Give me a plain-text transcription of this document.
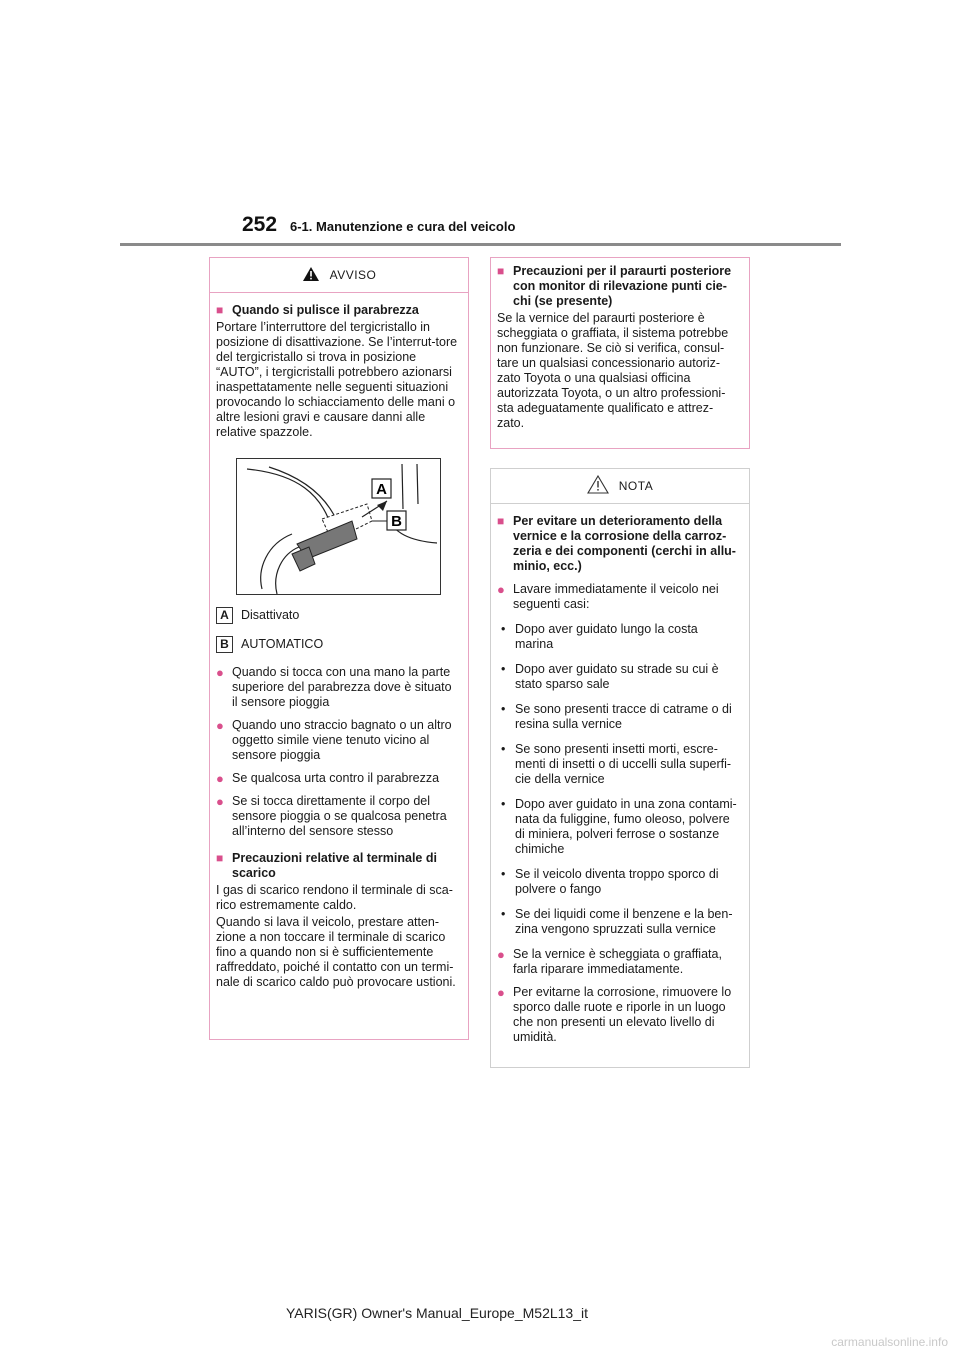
252 6-1. Manutenzione e cura del veicolo
AVVISO
■ Quando si pulisce il parabrezza
Portare l’interruttore del tergicristallo in posizione di disattivazione. Se l’interrut-tore del tergicristallo si trova in posizione “AUTO”, i tergicristalli potrebbero azionarsi inaspettatamente nelle seguenti situazioni provocando lo schiacciamento delle mani o altre lesioni gravi e causare danni alle relative spazzole.
A
B
A Disattivato
B AUTOMATICO
● Quando si tocca con una mano la parte superiore del parabrezza dove è situato il sensore pioggia
● Quando uno straccio bagnato o un altro oggetto simile viene tenuto vicino al sensore pioggia
● Se qualcosa urta contro il parabrezza
● Se si tocca direttamente il corpo del sensore pioggia o se qualcosa penetra all’interno del sensore stesso
■ Precauzioni relative al terminale di scarico
I gas di scarico rendono il terminale di sca-rico estremamente caldo.
Quando si lava il veicolo, prestare atten-zione a non toccare il terminale di scarico fino a quando non si è sufficientemente raffreddato, poiché il contatto con un termi-nale di scarico caldo può provocare ustioni.
■ Precauzioni per il paraurti posteriore con monitor di rilevazione punti cie-chi (se presente)
Se la vernice del paraurti posteriore è scheggiata o graffiata, il sistema potrebbe non funzionare. Se ciò si verifica, consul-tare un qualsiasi concessionario autoriz-zato Toyota o una qualsiasi officina autorizzata Toyota, o un altro professioni-sta adeguatamente qualificato e attrez-zato.
NOTA
■ Per evitare un deterioramento della vernice e la corrosione della carroz-zeria e dei componenti (cerchi in allu-minio, ecc.)
● Lavare immediatamente il veicolo nei seguenti casi:
• Dopo aver guidato lungo la costa marina
• Dopo aver guidato su strade su cui è stato sparso sale
• Se sono presenti tracce di catrame o di resina sulla vernice
• Se sono presenti insetti morti, escre-menti di insetti o di uccelli sulla superfi-cie della vernice
• Dopo aver guidato in una zona contami-nata da fuliggine, fumo oleoso, polvere di miniera, polveri ferrose o sostanze chimiche
• Se il veicolo diventa troppo sporco di polvere o fango
• Se dei liquidi come il benzene e la ben-zina vengono spruzzati sulla vernice
● Se la vernice è scheggiata o graffiata, farla riparare immediatamente.
● Per evitarne la corrosione, rimuovere lo sporco dalle ruote e riporle in un luogo che non presenti un elevato livello di umidità.
YARIS(GR) Owner's Manual_Europe_M52L13_it
carmanualsonline.info
